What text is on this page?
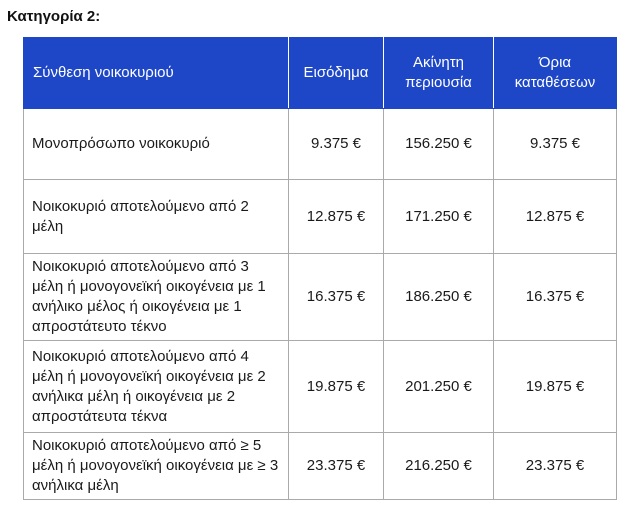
Κατηγορία 2:
Σύνθεση νοικοκυριού	Εισόδημα	Ακίνητη περιουσία	Όρια καταθέσεων
Μονοπρόσωπο νοικοκυριό	9.375 €	156.250 €	9.375 €
Νοικοκυριό αποτελούμενο από 2 μέλη	12.875 €	171.250 €	12.875 €
Νοικοκυριό αποτελούμενο από 3 μέλη ή μονογονεϊκή οικογένεια με 1 ανήλικο μέλος ή οικογένεια με 1 απροστάτευτο τέκνο	16.375 €	186.250 €	16.375 €
Νοικοκυριό αποτελούμενο από 4 μέλη ή μονογονεϊκή οικογένεια με 2 ανήλικα μέλη ή οικογένεια με 2 απροστάτευτα τέκνα	19.875 €	201.250 €	19.875 €
Νοικοκυριό αποτελούμενο από ≥ 5 μέλη ή μονογονεϊκή οικογένεια με ≥ 3 ανήλικα μέλη	23.375 €	216.250 €	23.375 €
